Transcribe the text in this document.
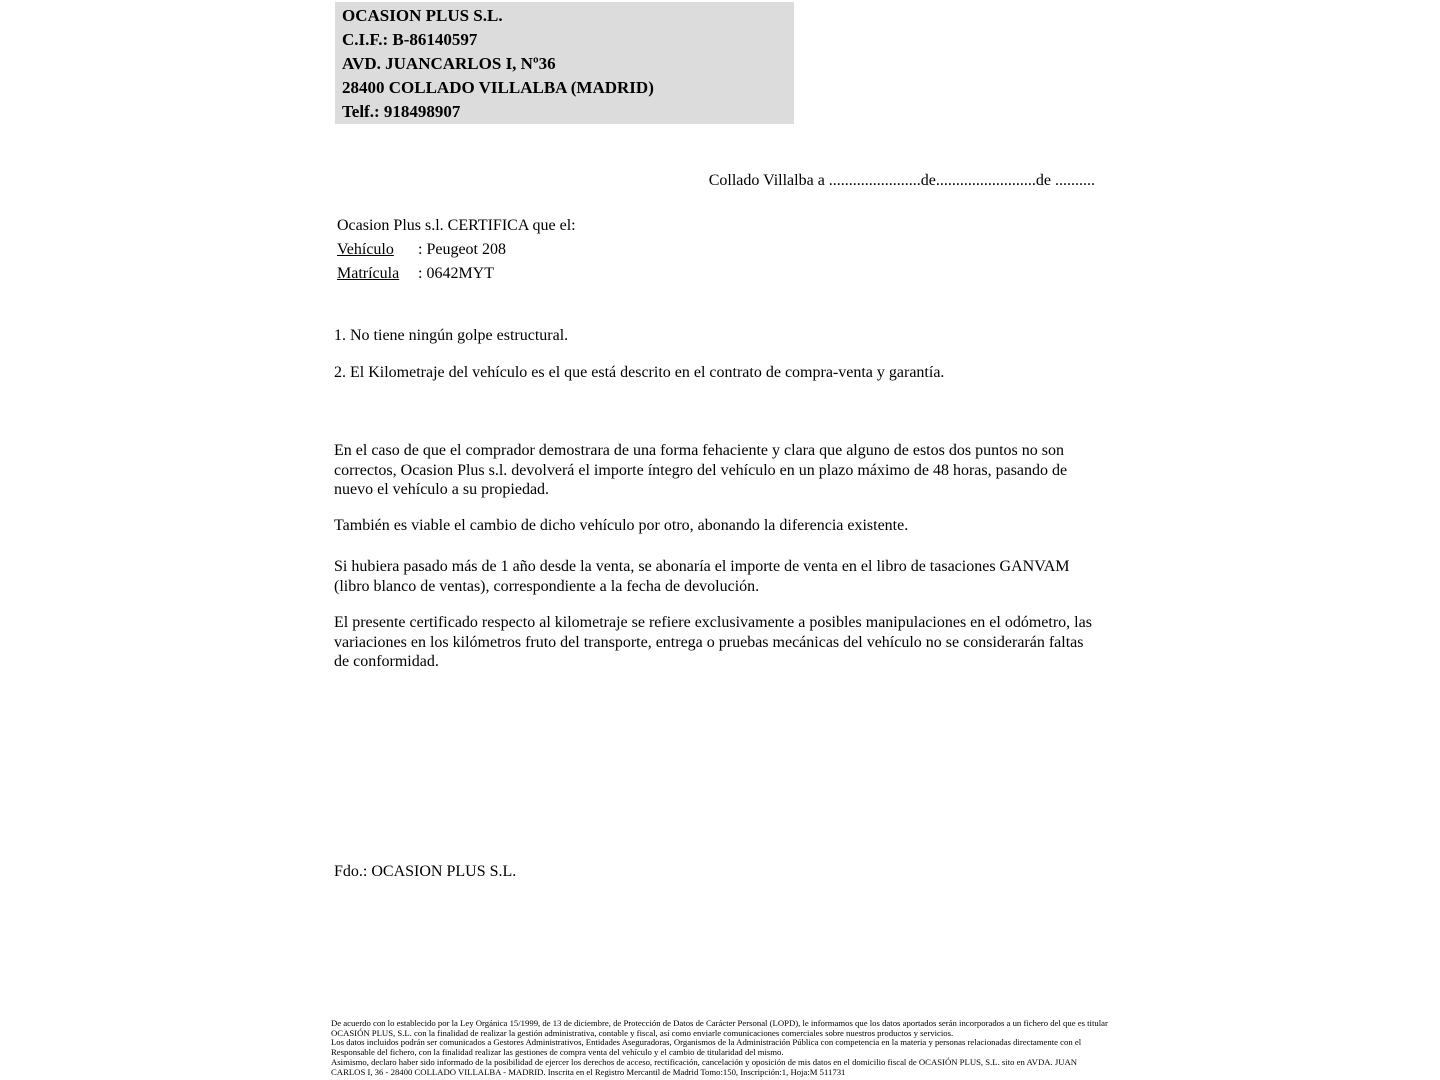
OCASION PLUS S.L.
C.I.F.: B-86140597
AVD. JUANCARLOS I, Nº36
28400 COLLADO VILLALBA (MADRID)
Telf.: 918498907
Collado Villalba a .......................de.........................de ..........
Ocasion Plus s.l. CERTIFICA que el:
Vehículo : Peugeot 208
Matrícula : 0642MYT
1. No tiene ningún golpe estructural.
2. El Kilometraje del vehículo es el que está descrito en el contrato de compra-venta y garantía.
En el caso de que el comprador demostrara de una forma fehaciente y clara que alguno de estos dos puntos no son correctos, Ocasion Plus s.l. devolverá el importe íntegro del vehículo en un plazo máximo de 48 horas, pasando de nuevo el vehículo a su propiedad.
También es viable el cambio de dicho vehículo por otro, abonando la diferencia existente.
Si hubiera pasado más de 1 año desde la venta, se abonaría el importe de venta en el libro de tasaciones GANVAM (libro blanco de ventas), correspondiente a la fecha de devolución.
El presente certificado respecto al kilometraje se refiere exclusivamente a posibles manipulaciones en el odómetro, las variaciones en los kilómetros fruto del transporte, entrega o pruebas mecánicas del vehículo no se considerarán faltas de conformidad.
Fdo.: OCASION PLUS S.L.
De acuerdo con lo establecido por la Ley Orgánica 15/1999, de 13 de diciembre, de Protección de Datos de Carácter Personal (LOPD), le informamos que los datos aportados serán incorporados a un fichero del que es titular
OCASIÓN PLUS, S.L. con la finalidad de realizar la gestión administrativa, contable y fiscal, así como enviarle comunicaciones comerciales sobre nuestros productos y servicios.
Los datos incluidos podrán ser comunicados a Gestores Administrativos, Entidades Aseguradoras, Organismos de la Administración Pública con competencia en la materia y personas relacionadas directamente con el
Responsable del fichero, con la finalidad realizar las gestiones de compra venta del vehículo y el cambio de titularidad del mismo.
Asimismo, declaro haber sido informado de la posibilidad de ejercer los derechos de acceso, rectificación, cancelación y oposición de mis datos en el domicilio fiscal de OCASIÓN PLUS, S.L. sito en AVDA. JUAN
CARLOS I, 36 - 28400 COLLADO VILLALBA - MADRID. Inscrita en el Registro Mercantil de Madrid Tomo:150, Inscripción:1, Hoja:M 511731
